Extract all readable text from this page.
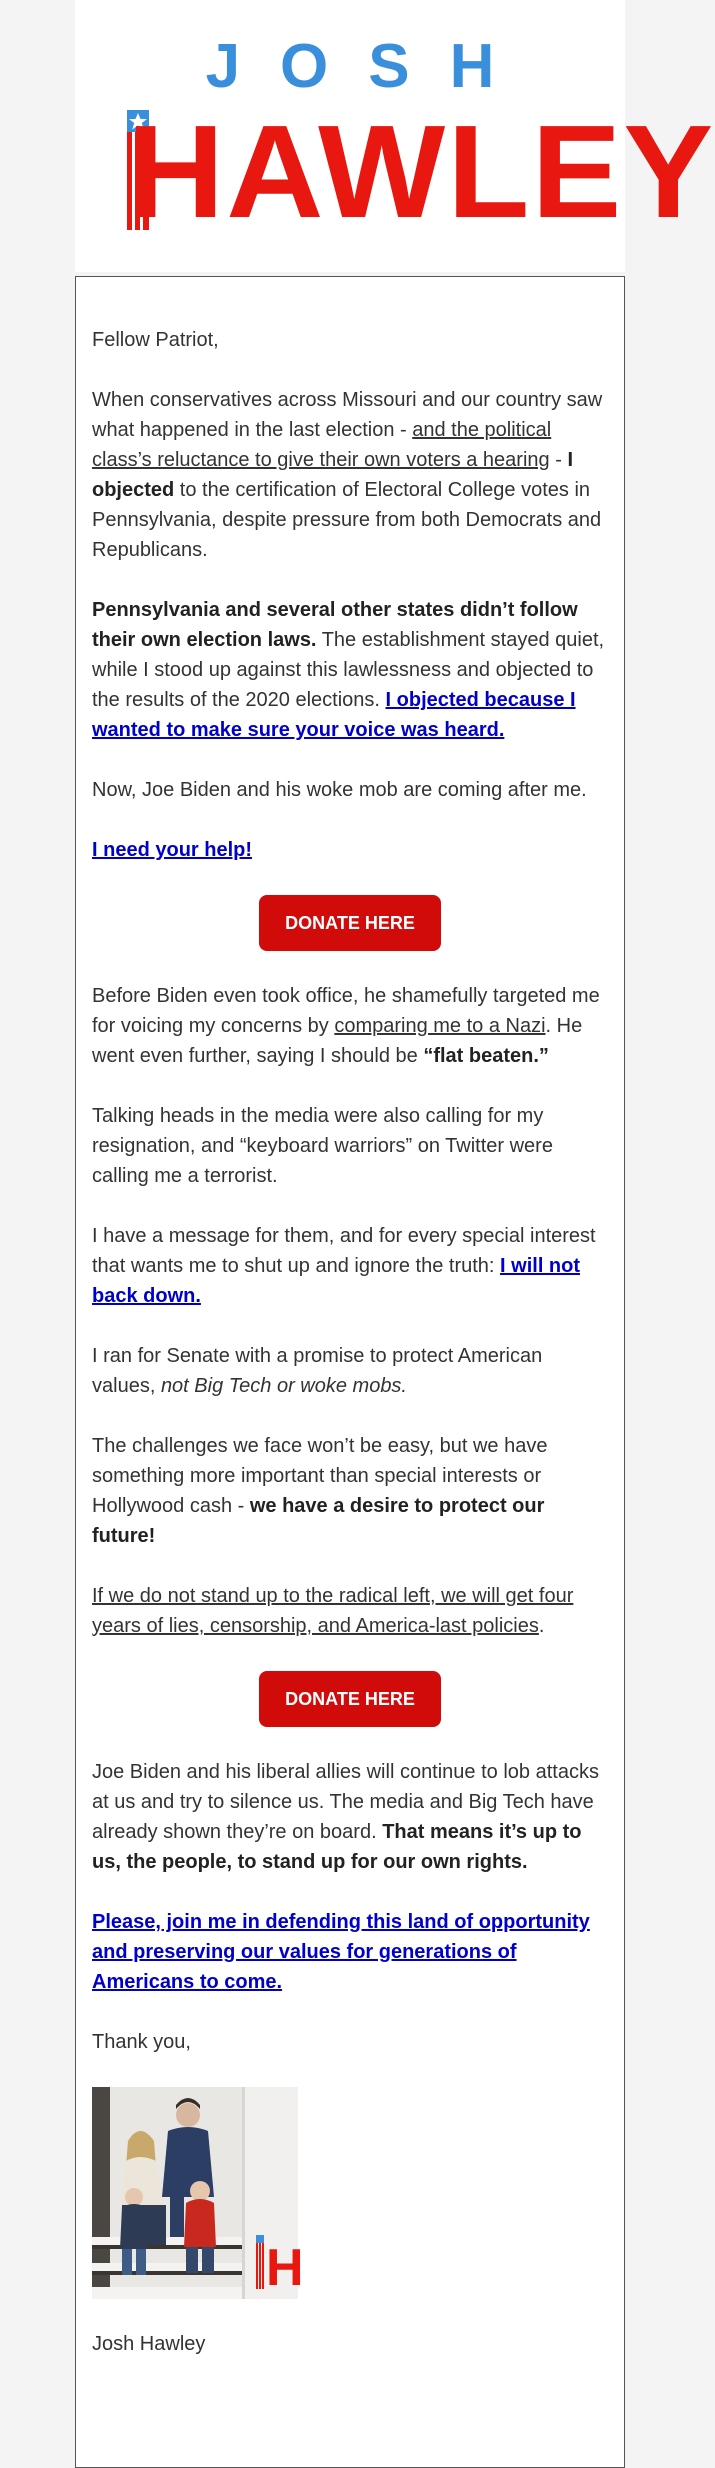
JOSH
HAWLEY

Fellow Patriot,

When conservatives across Missouri and our country saw what happened in the last election - and the political class’s reluctance to give their own voters a hearing - I objected to the certification of Electoral College votes in Pennsylvania, despite pressure from both Democrats and Republicans.

Pennsylvania and several other states didn’t follow their own election laws. The establishment stayed quiet, while I stood up against this lawlessness and objected to the results of the 2020 elections. I objected because I wanted to make sure your voice was heard.

Now, Joe Biden and his woke mob are coming after me.

I need your help!

DONATE HERE

Before Biden even took office, he shamefully targeted me for voicing my concerns by comparing me to a Nazi. He went even further, saying I should be “flat beaten.”

Talking heads in the media were also calling for my resignation, and “keyboard warriors” on Twitter were calling me a terrorist.

I have a message for them, and for every special interest that wants me to shut up and ignore the truth: I will not back down.

I ran for Senate with a promise to protect American values, not Big Tech or woke mobs.

The challenges we face won’t be easy, but we have something more important than special interests or Hollywood cash - we have a desire to protect our future!

If we do not stand up to the radical left, we will get four years of lies, censorship, and America-last policies.

DONATE HERE

Joe Biden and his liberal allies will continue to lob attacks at us and try to silence us. The media and Big Tech have already shown they’re on board. That means it’s up to us, the people, to stand up for our own rights.

Please, join me in defending this land of opportunity and preserving our values for generations of Americans to come.

Thank you,

H

Josh Hawley
